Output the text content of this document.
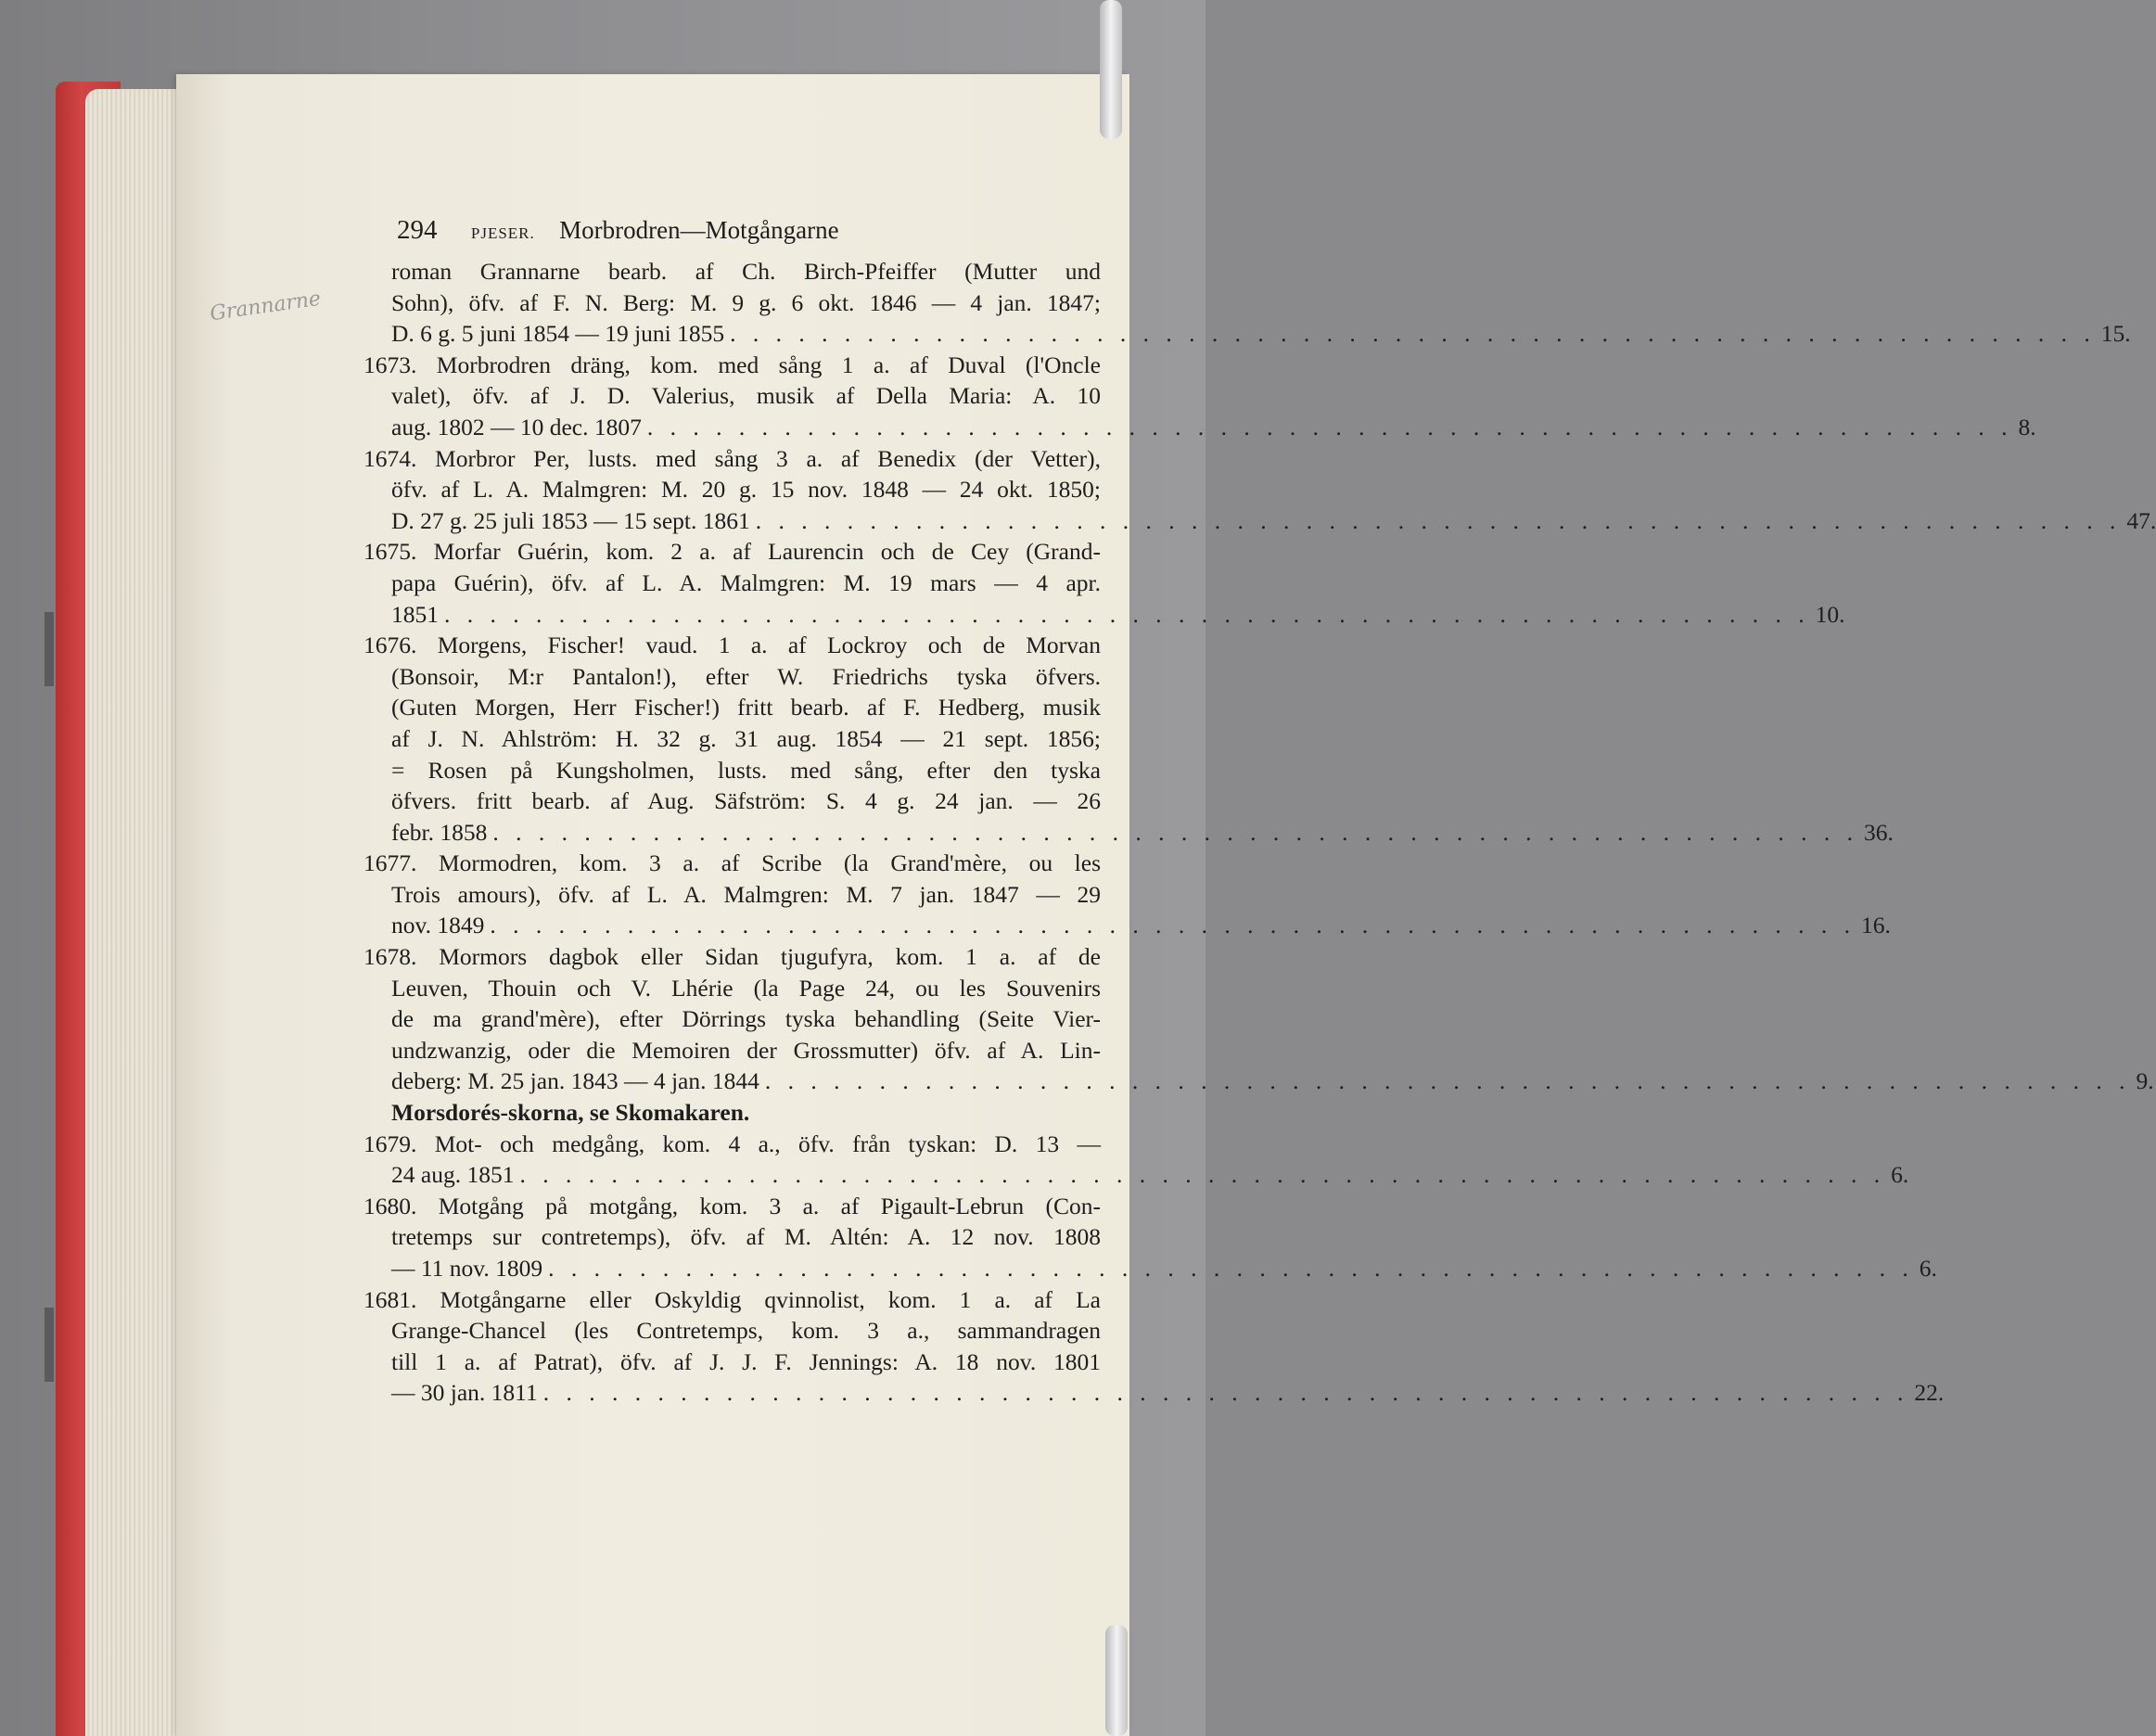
Grannarne
294 PJESER. Morbrodren—Motgångarne
roman Grannarne bearb. af Ch. Birch-Pfeiffer (Mutter und
Sohn), öfv. af F. N. Berg: M. 9 g. 6 okt. 1846 — 4 jan. 1847;
D. 6 g. 5 juni 1854 — 19 juni 1855 . . . . . . . . . . . . . . . . . . . . . . . . . . . . . . . . . . . . . . . . . . . . . . . . . . . . . . . . . . . . 15.
1673. Morbrodren dräng, kom. med sång 1 a. af Duval (l'Oncle
valet), öfv. af J. D. Valerius, musik af Della Maria: A. 10
aug. 1802 — 10 dec. 1807 . . . . . . . . . . . . . . . . . . . . . . . . . . . . . . . . . . . . . . . . . . . . . . . . . . . . . . . . . . . . 8.
1674. Morbror Per, lusts. med sång 3 a. af Benedix (der Vetter),
öfv. af L. A. Malmgren: M. 20 g. 15 nov. 1848 — 24 okt. 1850;
D. 27 g. 25 juli 1853 — 15 sept. 1861 . . . . . . . . . . . . . . . . . . . . . . . . . . . . . . . . . . . . . . . . . . . . . . . . . . . . . . . . . . . . 47.
1675. Morfar Guérin, kom. 2 a. af Laurencin och de Cey (Grand-
papa Guérin), öfv. af L. A. Malmgren: M. 19 mars — 4 apr.
1851 . . . . . . . . . . . . . . . . . . . . . . . . . . . . . . . . . . . . . . . . . . . . . . . . . . . . . . . . . . . . 10.
1676. Morgens, Fischer! vaud. 1 a. af Lockroy och de Morvan
(Bonsoir, M:r Pantalon!), efter W. Friedrichs tyska öfvers.
(Guten Morgen, Herr Fischer!) fritt bearb. af F. Hedberg, musik
af J. N. Ahlström: H. 32 g. 31 aug. 1854 — 21 sept. 1856;
= Rosen på Kungsholmen, lusts. med sång, efter den tyska
öfvers. fritt bearb. af Aug. Säfström: S. 4 g. 24 jan. — 26
febr. 1858 . . . . . . . . . . . . . . . . . . . . . . . . . . . . . . . . . . . . . . . . . . . . . . . . . . . . . . . . . . . . 36.
1677. Mormodren, kom. 3 a. af Scribe (la Grand'mère, ou les
Trois amours), öfv. af L. A. Malmgren: M. 7 jan. 1847 — 29
nov. 1849 . . . . . . . . . . . . . . . . . . . . . . . . . . . . . . . . . . . . . . . . . . . . . . . . . . . . . . . . . . . . 16.
1678. Mormors dagbok eller Sidan tjugufyra, kom. 1 a. af de
Leuven, Thouin och V. Lhérie (la Page 24, ou les Souvenirs
de ma grand'mère), efter Dörrings tyska behandling (Seite Vier-
undzwanzig, oder die Memoiren der Grossmutter) öfv. af A. Lin-
deberg: M. 25 jan. 1843 — 4 jan. 1844 . . . . . . . . . . . . . . . . . . . . . . . . . . . . . . . . . . . . . . . . . . . . . . . . . . . . . . . . . . . . 9.
Morsdorés-skorna, se Skomakaren.
1679. Mot- och medgång, kom. 4 a., öfv. från tyskan: D. 13 —
24 aug. 1851 . . . . . . . . . . . . . . . . . . . . . . . . . . . . . . . . . . . . . . . . . . . . . . . . . . . . . . . . . . . . 6.
1680. Motgång på motgång, kom. 3 a. af Pigault-Lebrun (Con-
tretemps sur contretemps), öfv. af M. Altén: A. 12 nov. 1808
— 11 nov. 1809 . . . . . . . . . . . . . . . . . . . . . . . . . . . . . . . . . . . . . . . . . . . . . . . . . . . . . . . . . . . . 6.
1681. Motgångarne eller Oskyldig qvinnolist, kom. 1 a. af La
Grange-Chancel (les Contretemps, kom. 3 a., sammandragen
till 1 a. af Patrat), öfv. af J. J. F. Jennings: A. 18 nov. 1801
— 30 jan. 1811 . . . . . . . . . . . . . . . . . . . . . . . . . . . . . . . . . . . . . . . . . . . . . . . . . . . . . . . . . . . . 22.
